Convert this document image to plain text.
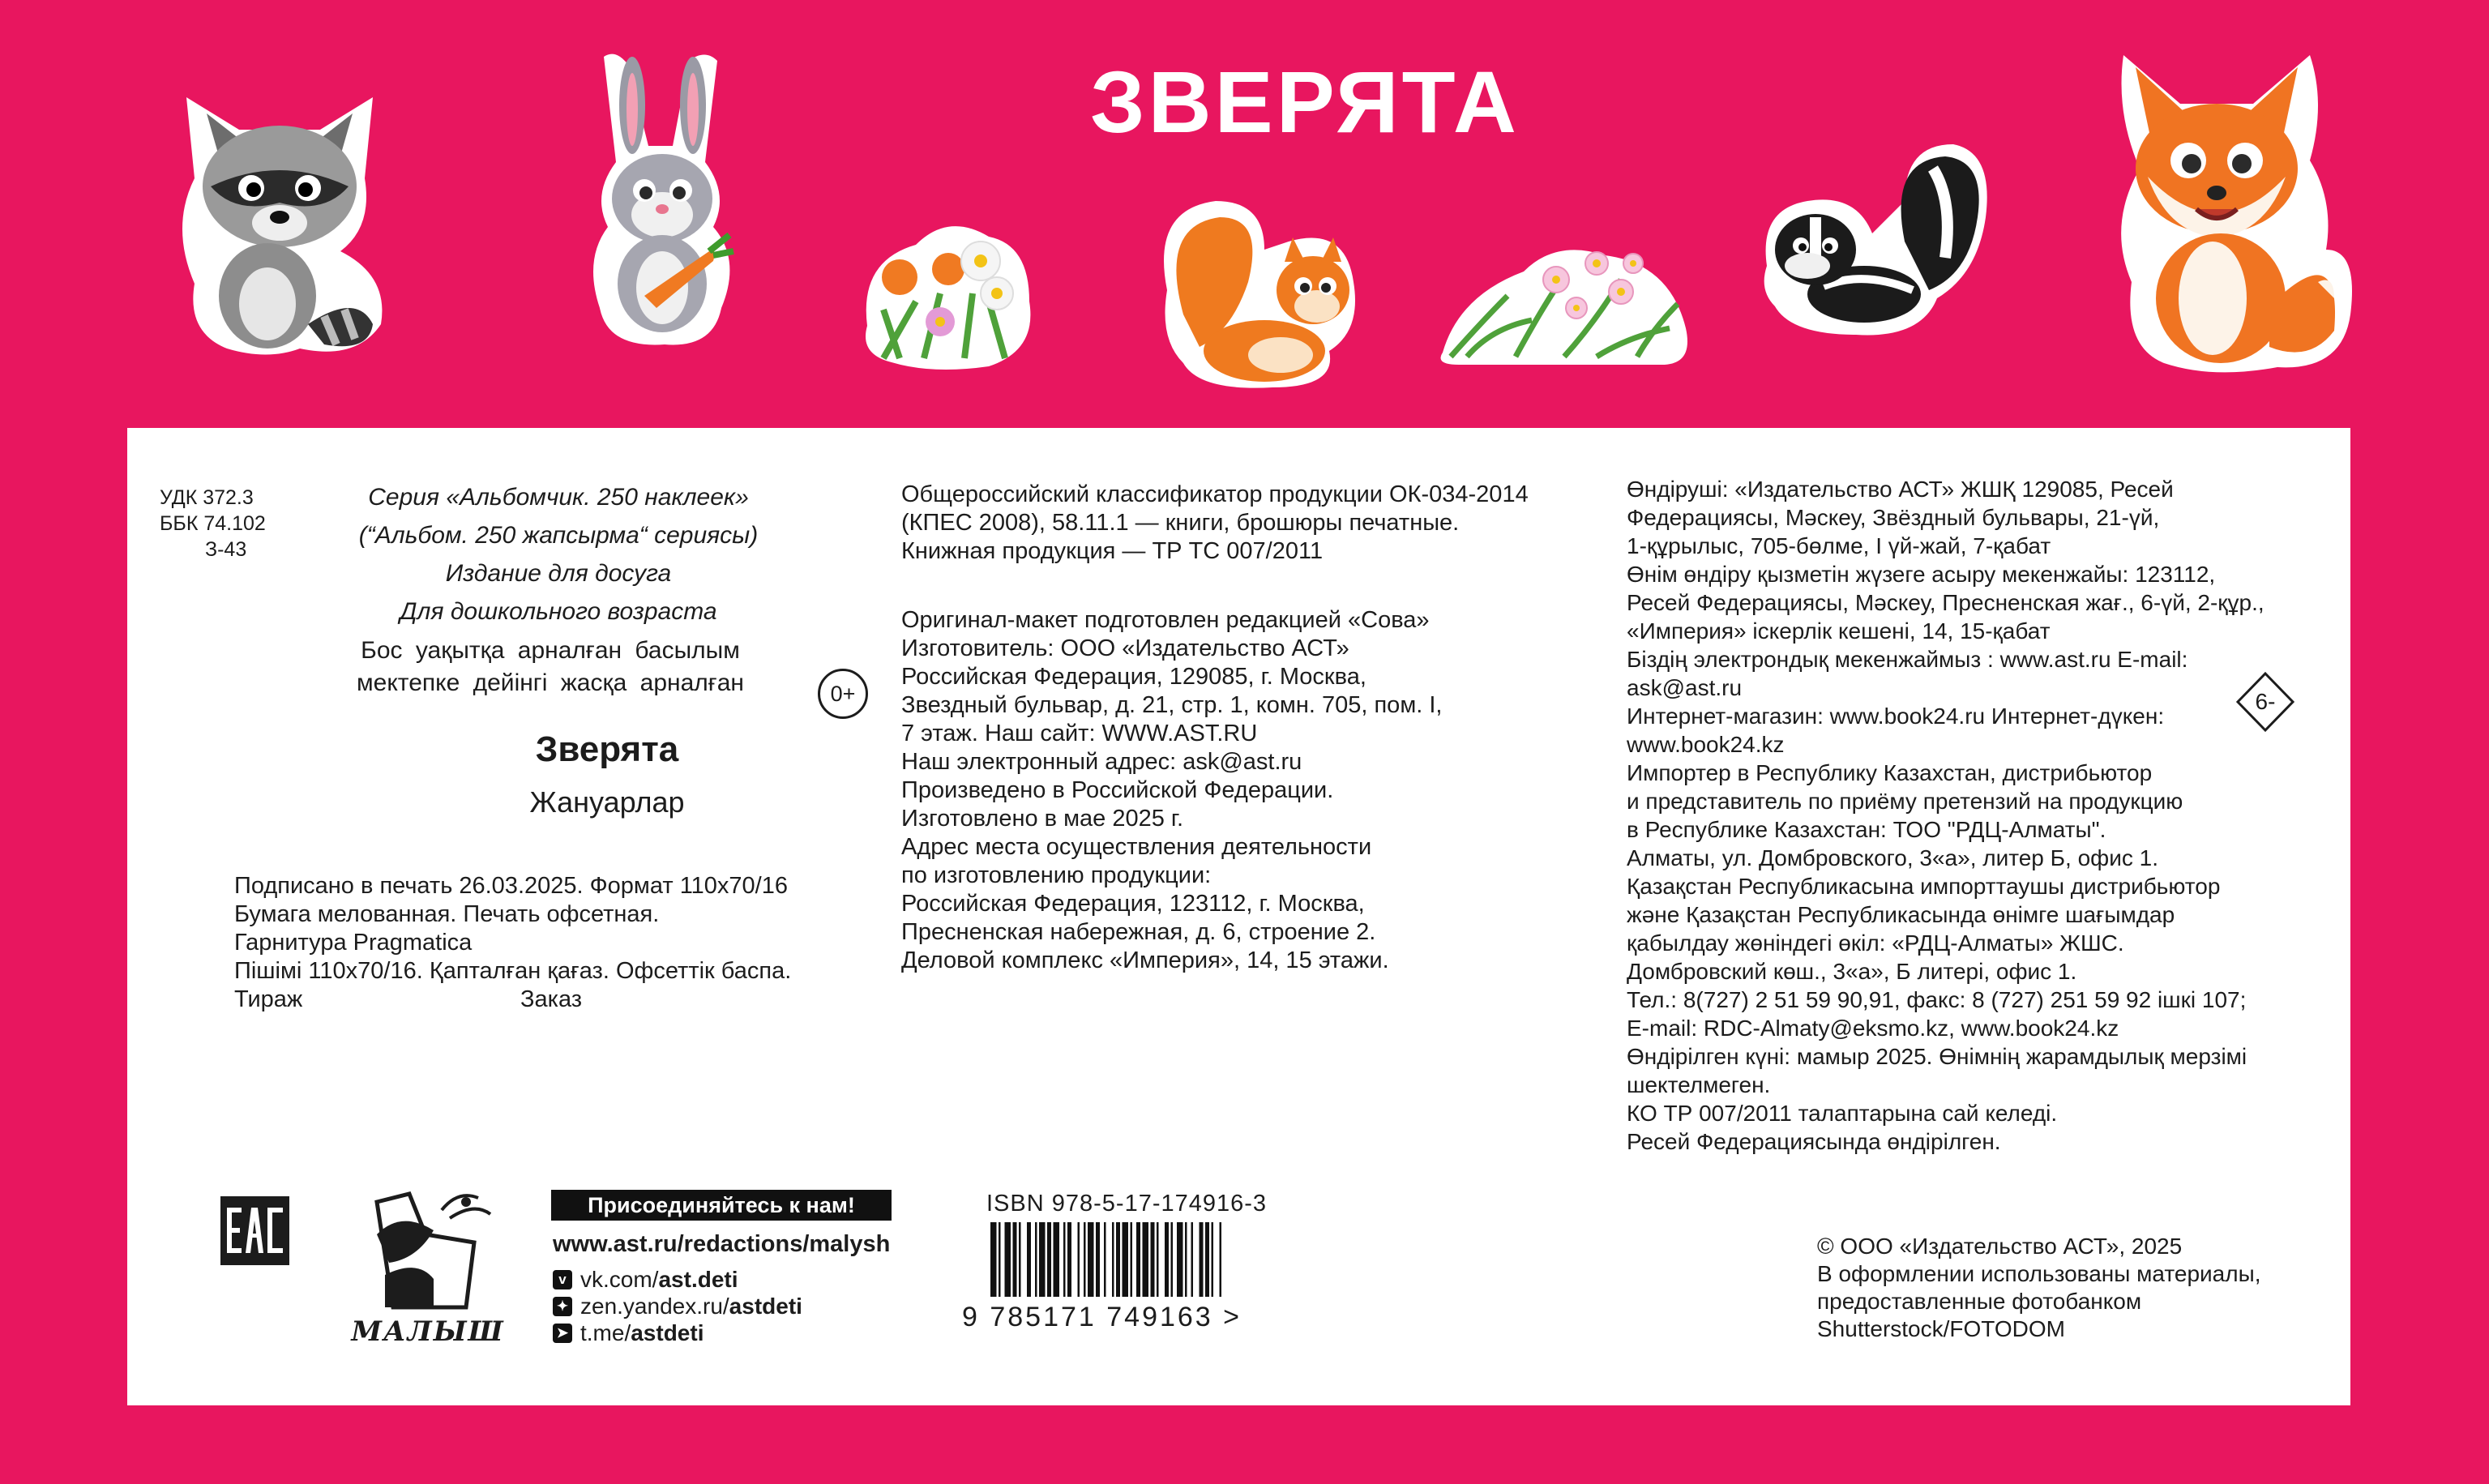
ЗВЕРЯТА
УДК 372.3
ББК 74.102
З-43
Серия «Альбомчик. 250 наклеек»
(“Альбом. 250 жапсырма“ сериясы)
Издание для досуга
Для дошкольного возраста
Бос уақытқа арналған басылым
мектепке дейінгі жасқа арналған	0+
Зверята
Жануарлар
Подписано в печать 26.03.2025. Формат 110х70/16
Бумага мелованная. Печать офсетная.
Гарнитура Pragmatica
Пішімі 110х70/16. Қапталған қағаз. Офсеттік баспа.
Тираж	Заказ
Общероссийский классификатор продукции ОК-034-2014
(КПЕС 2008), 58.11.1 — книги, брошюры печатные.
Книжная продукция — ТР ТС 007/2011
Оригинал-макет подготовлен редакцией «Сова»
Изготовитель: ООО «Издательство АСТ»
Российская Федерация, 129085, г. Москва,
Звездный бульвар, д. 21, стр. 1, комн. 705, пом. I,
7 этаж. Наш сайт: WWW.AST.RU
Наш электронный адрес: ask@ast.ru
Произведено в Российской Федерации.
Изготовлено в мае 2025 г.
Адрес места осуществления деятельности
по изготовлению продукции:
Российская Федерация, 123112, г. Москва,
Пресненская набережная, д. 6, строение 2.
Деловой комплекс «Империя», 14, 15 этажи.
Өндіруші: «Издательство АСТ» ЖШҚ 129085, Ресей
Федерациясы, Мәскеу, Звёздный бульвары, 21-үй,
1-құрылыс, 705-бөлме, I үй-жай, 7-қабат
Өнім өндіру қызметін жүзеге асыру мекенжайы: 123112,
Ресей Федерациясы, Мәскеу, Пресненская жағ., 6-үй, 2-құр.,
«Империя» іскерлік кешені, 14, 15-қабат
Біздің электрондық мекенжаймыз : www.ast.ru E-mail:
ask@ast.ru
Интернет-магазин: www.book24.ru Интернет-дүкен:
www.book24.kz
Импортер в Республику Казахстан, дистрибьютор
и представитель по приёму претензий на продукцию
в Республике Казахстан: ТОО "РДЦ-Алматы".
Алматы, ул. Домбровского, 3«а», литер Б, офис 1.
Қазақстан Республикасына импорттаушы дистрибьютор
және Қазақстан Республикасында өнімге шағымдар
қабылдау жөніндегі өкіл: «РДЦ-Алматы» ЖШС.
Домбровский көш., 3«а», Б литері, офис 1.
Тел.: 8(727) 2 51 59 90,91, факс: 8 (727) 251 59 92 ішкі 107;
E-mail: RDC-Almaty@eksmo.kz, www.book24.kz
Өндірілген күні: мамыр 2025. Өнімнің жарамдылық мерзімі
шектелмеген.
КО ТР 007/2011 талаптарына сай келеді.
Ресей Федерациясында өндірілген.
6-
МАЛЫШ
Присоединяйтесь к нам!
www.ast.ru/redactions/malysh
v vk.com/ast.deti
✦ zen.yandex.ru/astdeti
➤ t.me/astdeti
ISBN 978-5-17-174916-3
9 785171 749163 >
© ООО «Издательство АСТ», 2025
В оформлении использованы материалы,
предоставленные фотобанком
Shutterstock/FOTODOM
